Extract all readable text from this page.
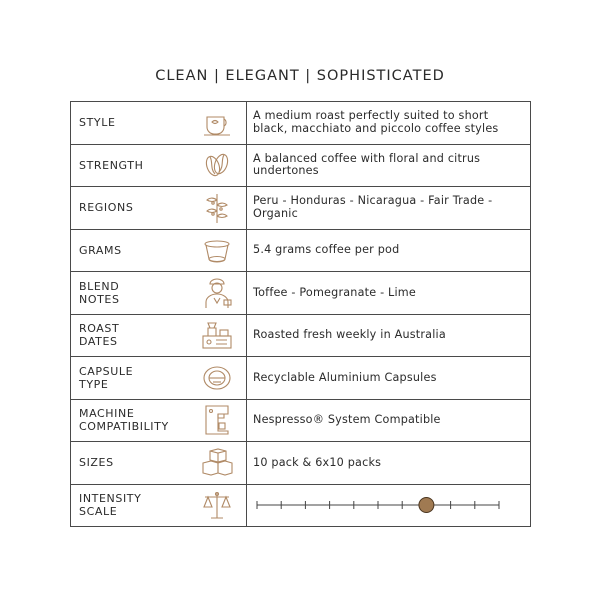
CLEAN | ELEGANT | SOPHISTICATED
STYLE	A medium roast perfectly suited to short black, macchiato and piccolo coffee styles
STRENGTH	A balanced coffee with floral and citrus undertones
REGIONS	Peru - Honduras - Nicaragua - Fair Trade - Organic
GRAMS	5.4 grams coffee per pod
BLEND
NOTES	Toffee - Pomegranate - Lime
ROAST
DATES	Roasted fresh weekly in Australia
CAPSULE
TYPE	Recyclable Aluminium Capsules
MACHINE
COMPATIBILITY	Nespresso® System Compatible
SIZES	10 pack & 6x10 packs
INTENSITY
SCALE
